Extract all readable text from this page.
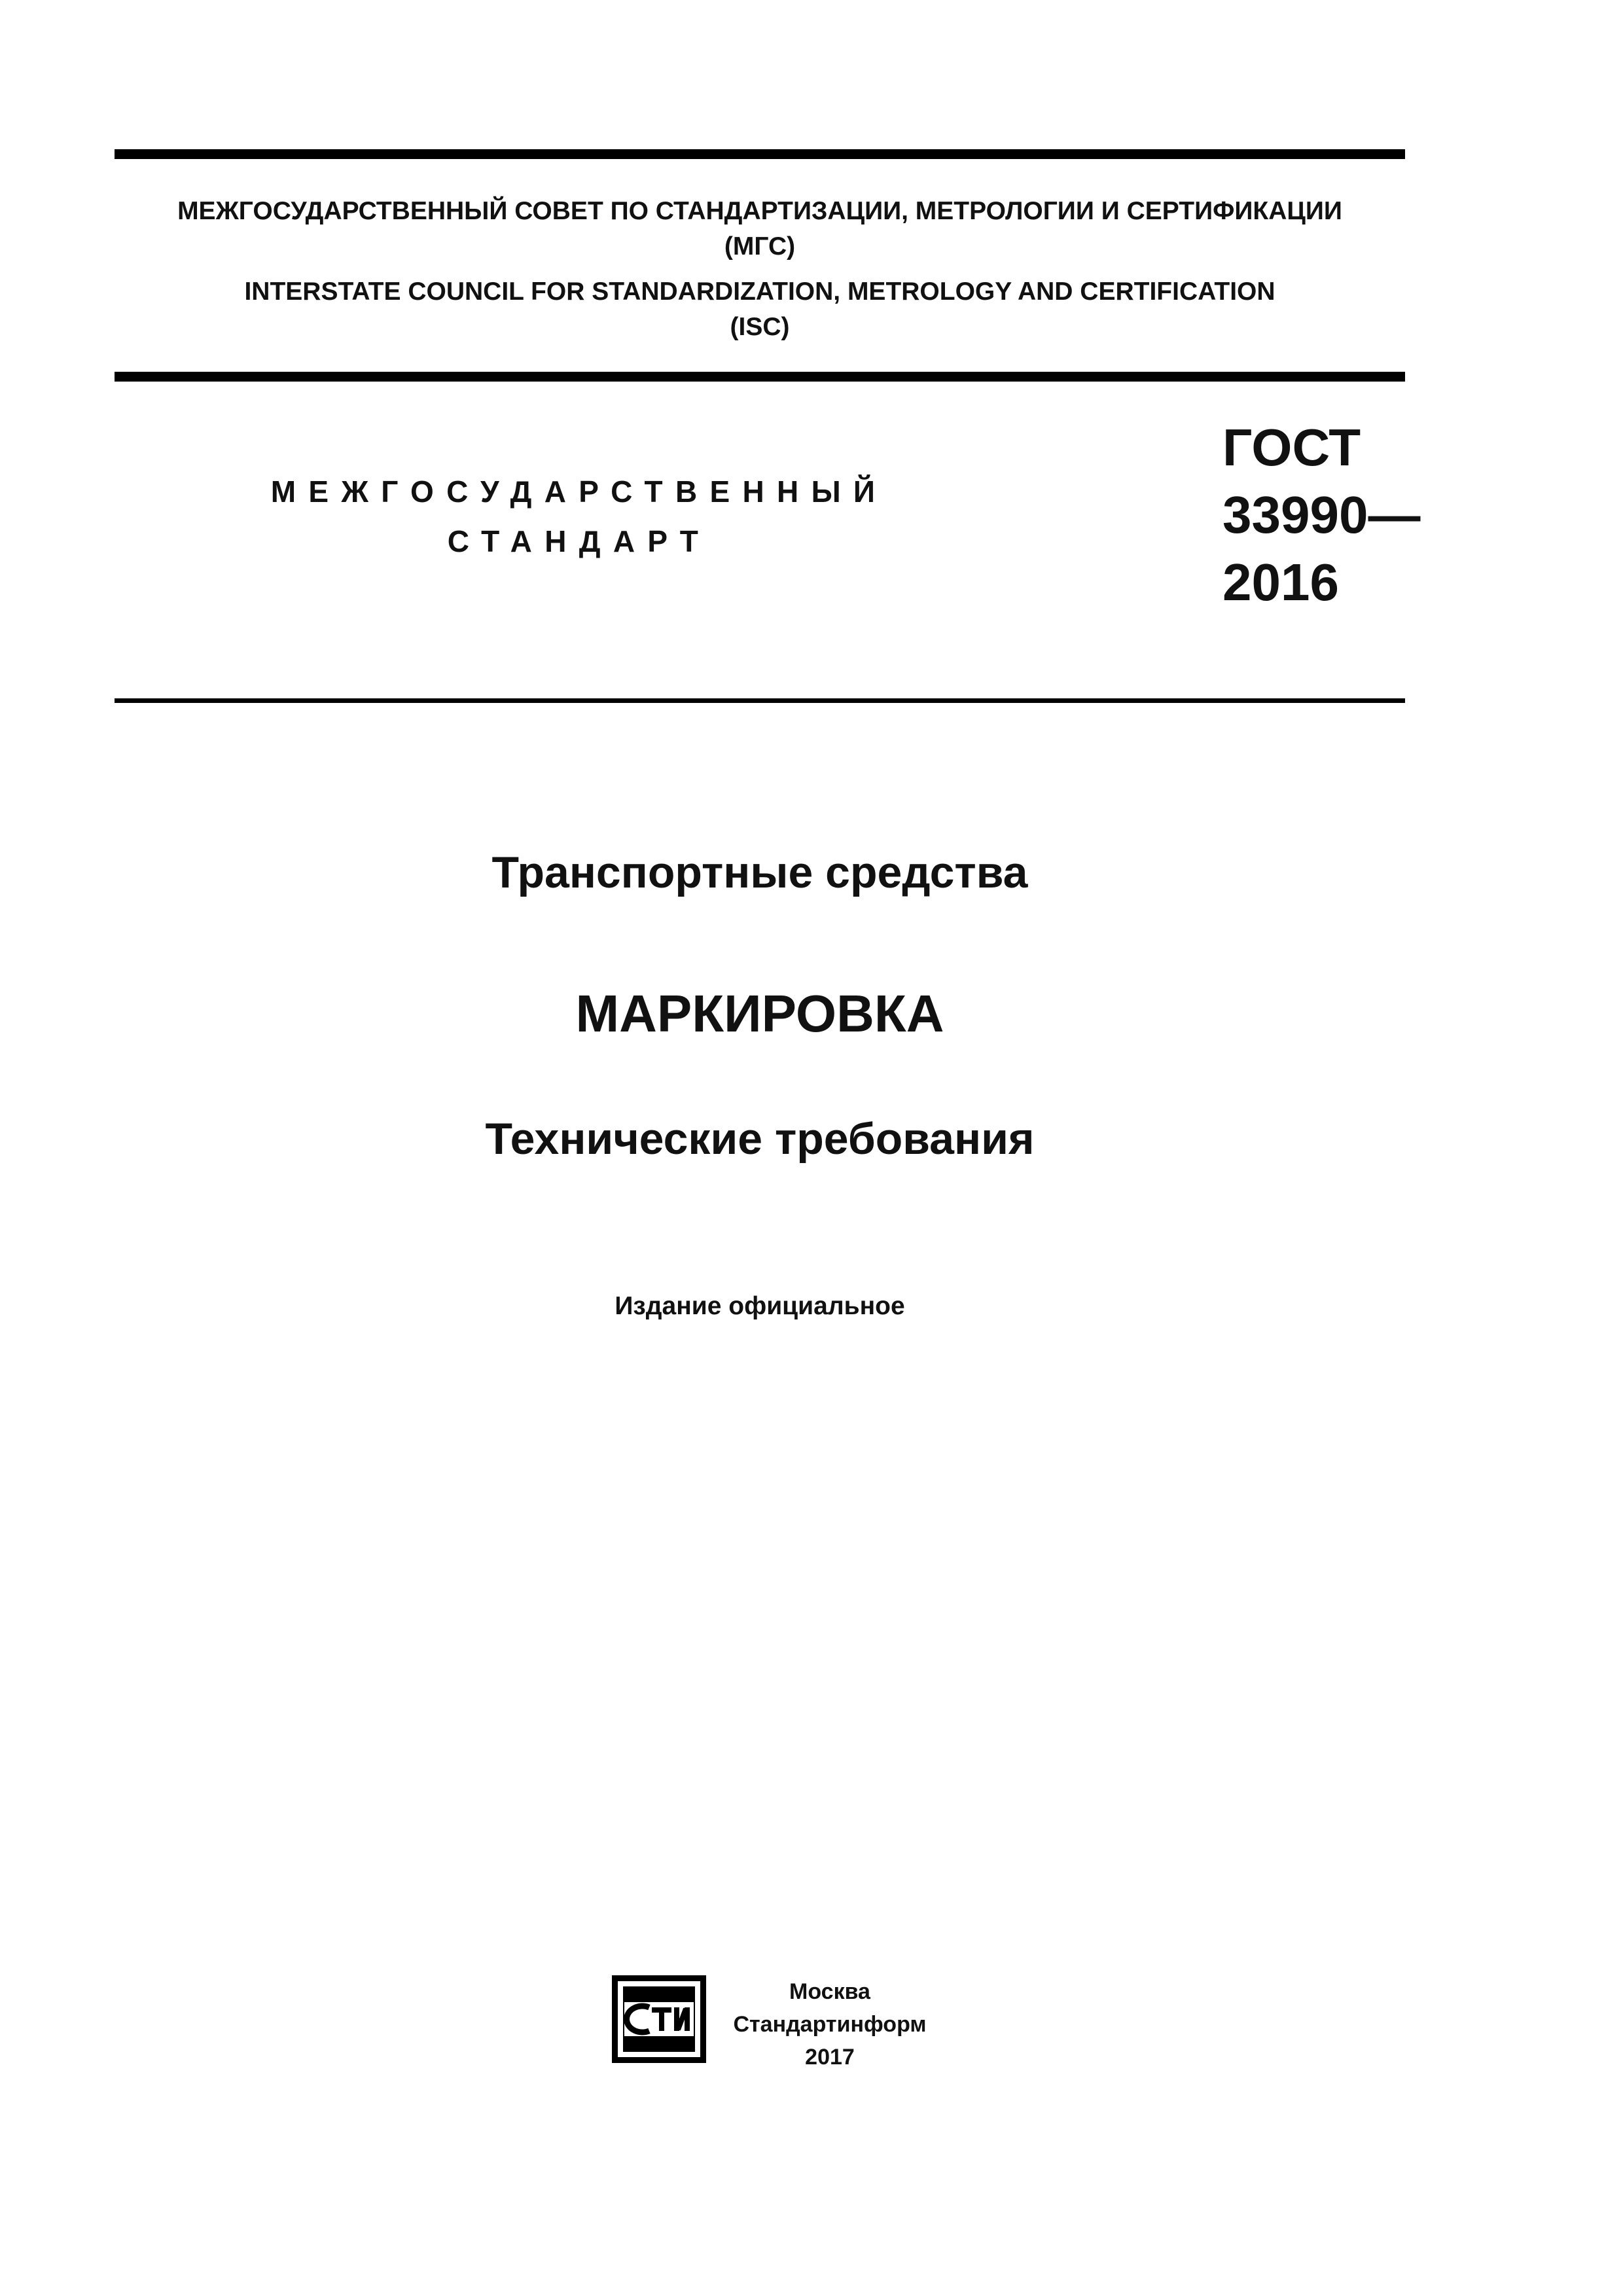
МЕЖГОСУДАРСТВЕННЫЙ СОВЕТ ПО СТАНДАРТИЗАЦИИ, МЕТРОЛОГИИ И СЕРТИФИКАЦИИ
(МГС)
INTERSTATE COUNCIL FOR STANDARDIZATION, METROLOGY AND CERTIFICATION
(ISC)
МЕЖГОСУДАРСТВЕННЫЙ
СТАНДАРТ
ГОСТ
33990—
2016
Транспортные средства
МАРКИРОВКА
Технические требования
Издание официальное
Москва
Стандартинформ
2017
